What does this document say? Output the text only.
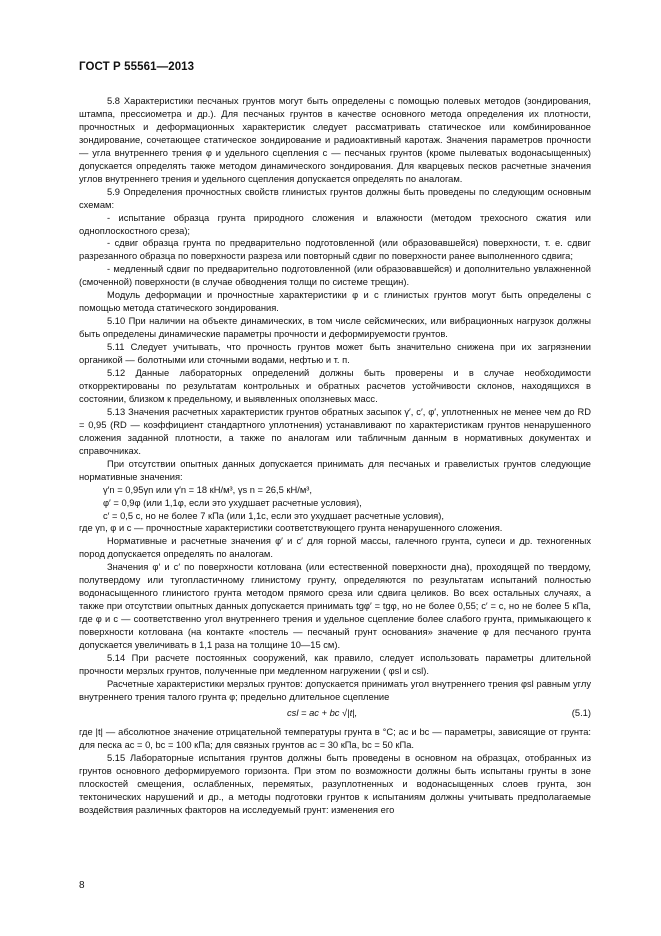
ГОСТ Р 55561—2013

5.8 Характеристики песчаных грунтов могут быть определены с помощью полевых методов (зондирования, штампа, прессиометра и др.). Для песчаных грунтов в качестве основного метода определения их плотности, прочностных и деформационных характеристик следует рассматривать статическое или комбинированное зондирование, сочетающее статическое зондирование и радиоактивный каротаж. Значения параметров прочности — угла внутреннего трения φ и удельного сцепления с — песчаных грунтов (кроме пылеватых водонасыщенных) допускается определять также методом динамического зондирования. Для кварцевых песков расчетные значения углов внутреннего трения и удельного сцепления допускается определять по аналогам.

5.9 Определения прочностных свойств глинистых грунтов должны быть проведены по следующим основным схемам:

- испытание образца грунта природного сложения и влажности (методом трехосного сжатия или одноплоскостного среза);

- сдвиг образца грунта по предварительно подготовленной (или образовавшейся) поверхности, т. е. сдвиг разрезанного образца по поверхности разреза или повторный сдвиг по поверхности ранее выполненного сдвига;

- медленный сдвиг по предварительно подготовленной (или образовавшейся) и дополнительно увлажненной (смоченной) поверхности (в случае обводнения толщи по системе трещин).

Модуль деформации и прочностные характеристики φ и с глинистых грунтов могут быть определены с помощью метода статического зондирования.

5.10 При наличии на объекте динамических, в том числе сейсмических, или вибрационных нагрузок должны быть определены динамические параметры прочности и деформируемости грунтов.

5.11 Следует учитывать, что прочность грунтов может быть значительно снижена при их загрязнении органикой — болотными или сточными водами, нефтью и т. п.

5.12 Данные лабораторных определений должны быть проверены и в случае необходимости откорректированы по результатам контрольных и обратных расчетов устойчивости склонов, находящихся в состоянии, близком к предельному, и выявленных оползневых масс.

5.13 Значения расчетных характеристик грунтов обратных засыпок γ′, с′, φ′, уплотненных не менее чем до RD = 0,95 (RD — коэффициент стандартного уплотнения) устанавливают по характеристикам грунтов ненарушенного сложения заданной плотности, а также по аналогам или табличным данным в нормативных документах и справочниках.

При отсутствии опытных данных допускается принимать для песчаных и гравелистых грунтов следующие нормативные значения:

γ′n = 0,95γn или γ′n = 18 кН/м³, γs n = 26,5 кН/м³,

φ′ = 0,9φ (или 1,1φ, если это ухудшает расчетные условия),

с′ = 0,5 с, но не более 7 кПа (или 1,1с, если это ухудшает расчетные условия),

где γn, φ и с — прочностные характеристики соответствующего грунта ненарушенного сложения.

Нормативные и расчетные значения φ′ и с′ для горной массы, галечного грунта, супеси и др. техногенных пород допускается определять по аналогам.

Значения φ′ и с′ по поверхности котлована (или естественной поверхности дна), проходящей по твердому, полутвердому или тугопластичному глинистому грунту, определяются по результатам испытаний полностью водонасыщенного глинистого грунта методом прямого среза или сдвига целиков. Во всех остальных случаях, а также при отсутствии опытных данных допускается принимать tgφ′ = tgφ, но не более 0,55; с′ = с, но не более 5 кПа, где φ и с — соответственно угол внутреннего трения и удельное сцепление более слабого грунта, примыкающего к поверхности котлована (на контакте «постель — песчаный грунт основания» значение φ для песчаного грунта допускается увеличивать в 1,1 раза на толщине 10—15 см).

5.14 При расчете постоянных сооружений, как правило, следует использовать параметры длительной прочности мерзлых грунтов, полученные при медленном нагружении ( φsl и csl).

Расчетные характеристики мерзлых грунтов: допускается принимать угол внутреннего трения φsl равным углу внутреннего трения талого грунта φ; предельно длительное сцепление

csl = ac + bc √|t|,	(5.1)

где |t| — абсолютное значение отрицательной температуры грунта в °С; ac и bc — параметры, зависящие от грунта: для песка ac = 0, bc = 100 кПа; для связных грунтов ac = 30 кПа, bc = 50 кПа.

5.15 Лабораторные испытания грунтов должны быть проведены в основном на образцах, отобранных из грунтов основного деформируемого горизонта. При этом по возможности должны быть испытаны грунты в зоне плоскостей смещения, ослабленных, перемятых, разуплотненных и водонасыщенных слоев грунта, зон тектонических нарушений и др., а методы подготовки грунтов к испытаниям должны учитывать предполагаемые воздействия различных факторов на исследуемый грунт: изменения его

8
